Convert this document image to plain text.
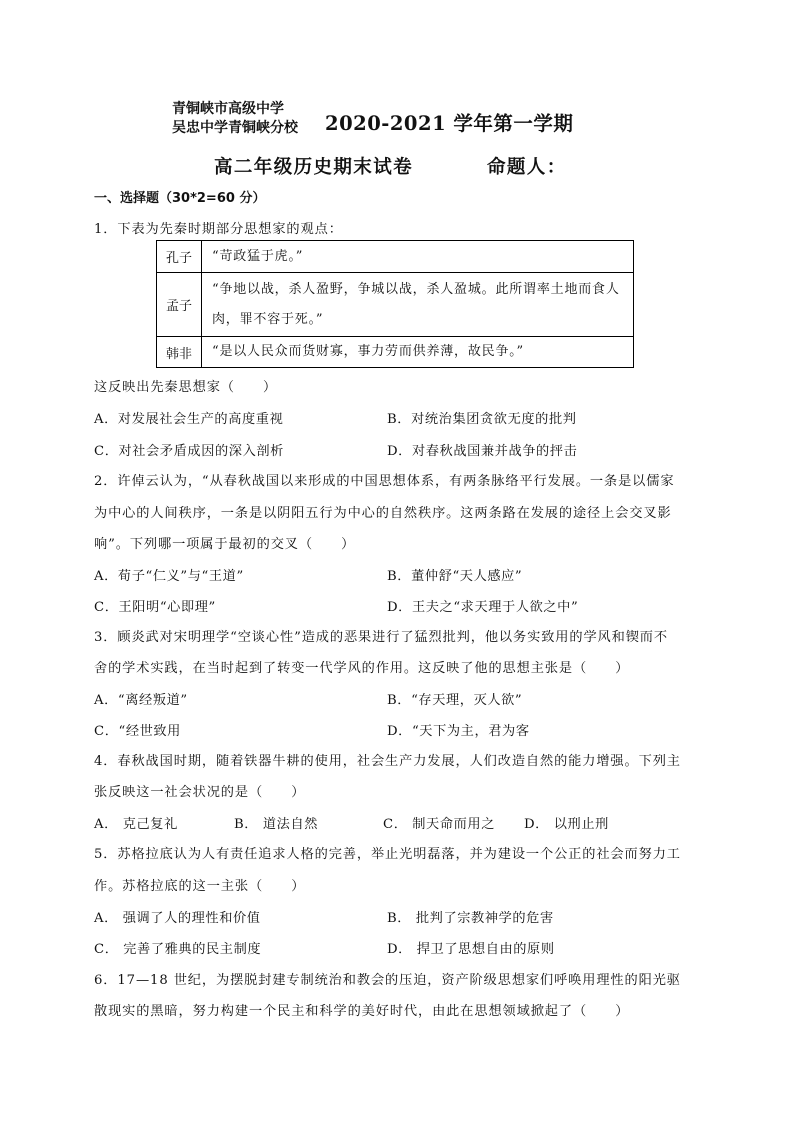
青铜峡市高级中学
吴忠中学青铜峡分校 2020-2021 学年第一学期
高二年级历史期末试卷	命题人：
一、选择题（30*2=60 分）
1．下表为先秦时期部分思想家的观点：
孔子	“苛政猛于虎。”
孟子	“争地以战，杀人盈野，争城以战，杀人盈城。此所谓率土地而食人肉，罪不容于死。”
韩非	“是以人民众而货财寡，事力劳而供养薄，故民争。”
这反映出先秦思想家（　　）
A．对发展社会生产的高度重视	B．对统治集团贪欲无度的批判
C．对社会矛盾成因的深入剖析	D．对春秋战国兼并战争的抨击
2．许倬云认为，“从春秋战国以来形成的中国思想体系，有两条脉络平行发展。一条是以儒家
为中心的人间秩序，一条是以阴阳五行为中心的自然秩序。这两条路在发展的途径上会交叉影
响”。下列哪一项属于最初的交叉（　　）
A．荀子“仁义”与“王道”	B．董仲舒“天人感应”
C．王阳明“心即理”	D．王夫之“求天理于人欲之中”
3．顾炎武对宋明理学“空谈心性”造成的恶果进行了猛烈批判，他以务实致用的学风和锲而不
舍的学术实践，在当时起到了转变一代学风的作用。这反映了他的思想主张是（　　）
A．“离经叛道”	B．“存天理，灭人欲”
C．“经世致用	D．“天下为主，君为客
4．春秋战国时期，随着铁器牛耕的使用，社会生产力发展，人们改造自然的能力增强。下列主
张反映这一社会状况的是（　　）
A． 克己复礼	B． 道法自然	C． 制天命而用之 D． 以刑止刑
5．苏格拉底认为人有责任追求人格的完善，举止光明磊落，并为建设一个公正的社会而努力工
作。苏格拉底的这一主张（　　）
A． 强调了人的理性和价值	B． 批判了宗教神学的危害
C． 完善了雅典的民主制度	D． 捍卫了思想自由的原则
6．17—18 世纪，为摆脱封建专制统治和教会的压迫，资产阶级思想家们呼唤用理性的阳光驱
散现实的黑暗，努力构建一个民主和科学的美好时代，由此在思想领域掀起了（　　）
